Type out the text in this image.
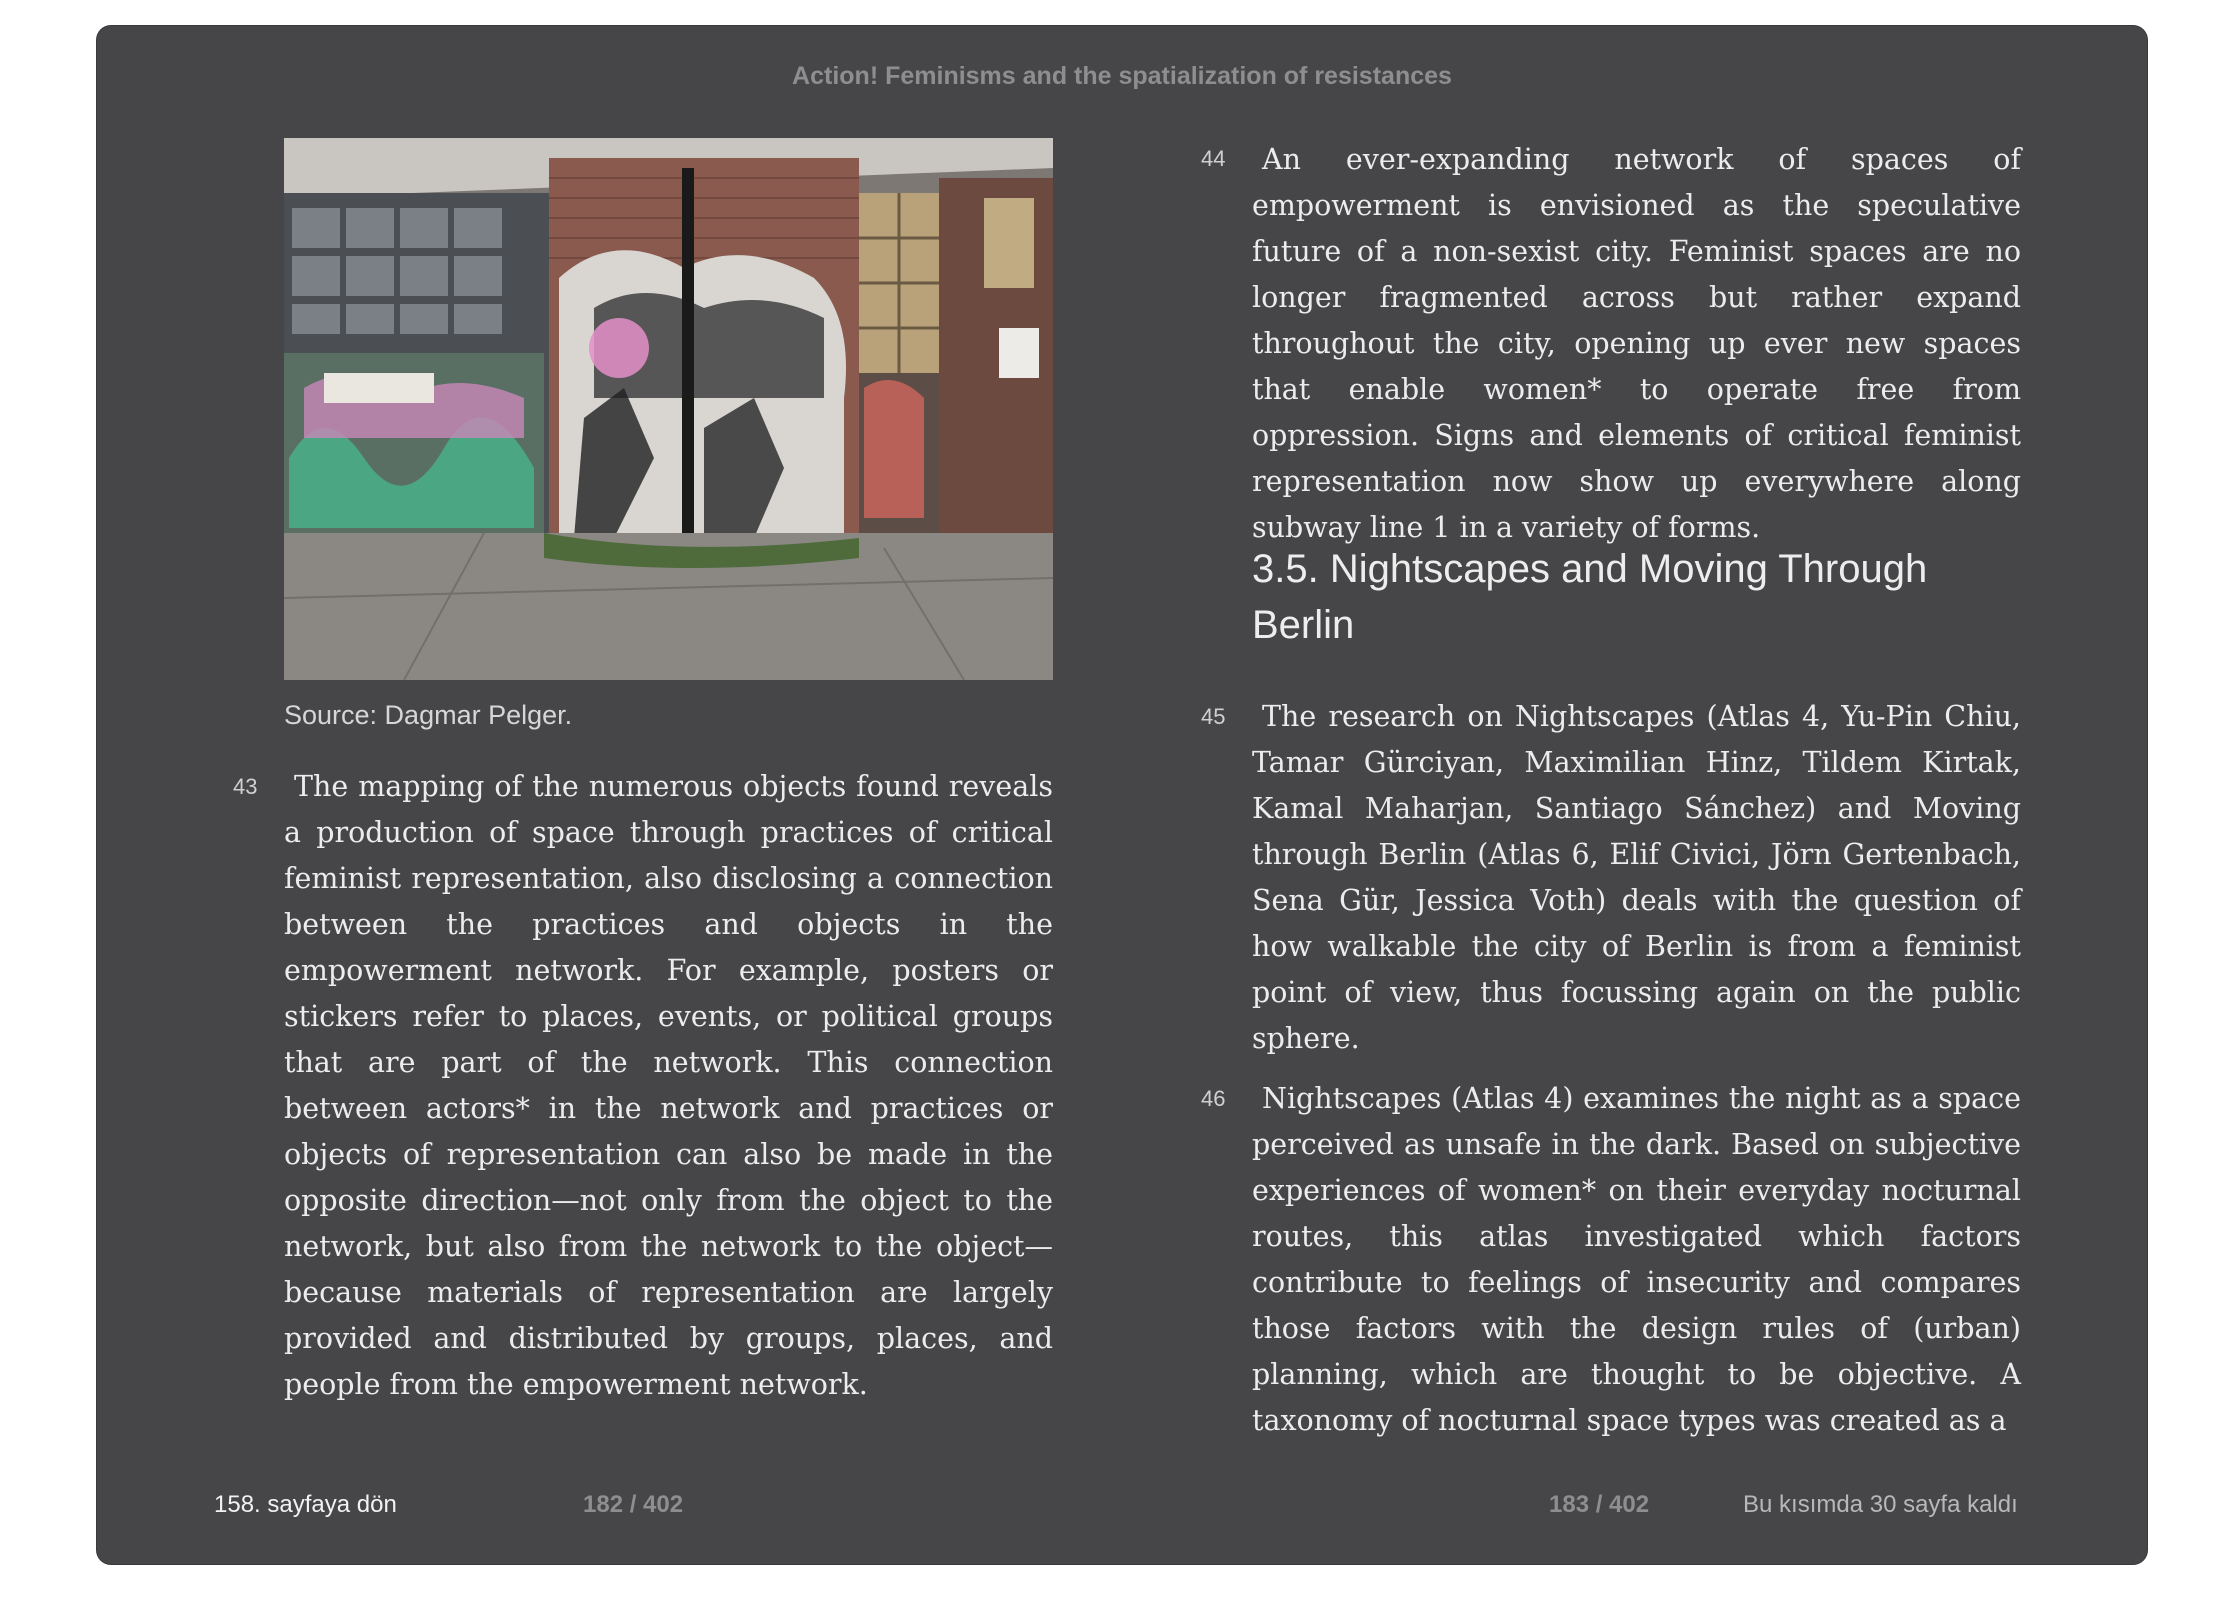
Action! Feminisms and the spatialization of resistances
Source: Dagmar Pelger.
43	The mapping of the numerous objects found reveals a production of space through practices of critical feminist representation, also disclosing a connection between the practices and objects in the empowerment network. For example, posters or stickers refer to places, events, or political groups that are part of the network. This connection between actors* in the network and practices or objects of representation can also be made in the opposite direction—not only from the object to the network, but also from the network to the object—because materials of representation are largely provided and distributed by groups, places, and people from the empowerment network.

44	An ever-expanding network of spaces of empowerment is envisioned as the speculative future of a non-sexist city. Feminist spaces are no longer fragmented across but rather expand throughout the city, opening up ever new spaces that enable women* to operate free from oppression. Signs and elements of critical feminist representation now show up everywhere along subway line 1 in a variety of forms.

3.5. Nightscapes and Moving Through Berlin
45	The research on Nightscapes (Atlas 4, Yu-Pin Chiu, Tamar Gürciyan, Maximilian Hinz, Tildem Kirtak, Kamal Maharjan, Santiago Sánchez) and Moving through Berlin (Atlas 6, Elif Civici, Jörn Gertenbach, Sena Gür, Jessica Voth) deals with the question of how walkable the city of Berlin is from a feminist point of view, thus focussing again on the public sphere.

46	Nightscapes (Atlas 4) examines the night as a space perceived as unsafe in the dark. Based on subjective experiences of women* on their everyday nocturnal routes, this atlas investigated which factors contribute to feelings of insecurity and compares those factors with the design rules of (urban) planning, which are thought to be objective. A taxonomy of nocturnal space types was created as a

158. sayfaya dön	182 / 402	183 / 402	Bu kısımda 30 sayfa kaldı
